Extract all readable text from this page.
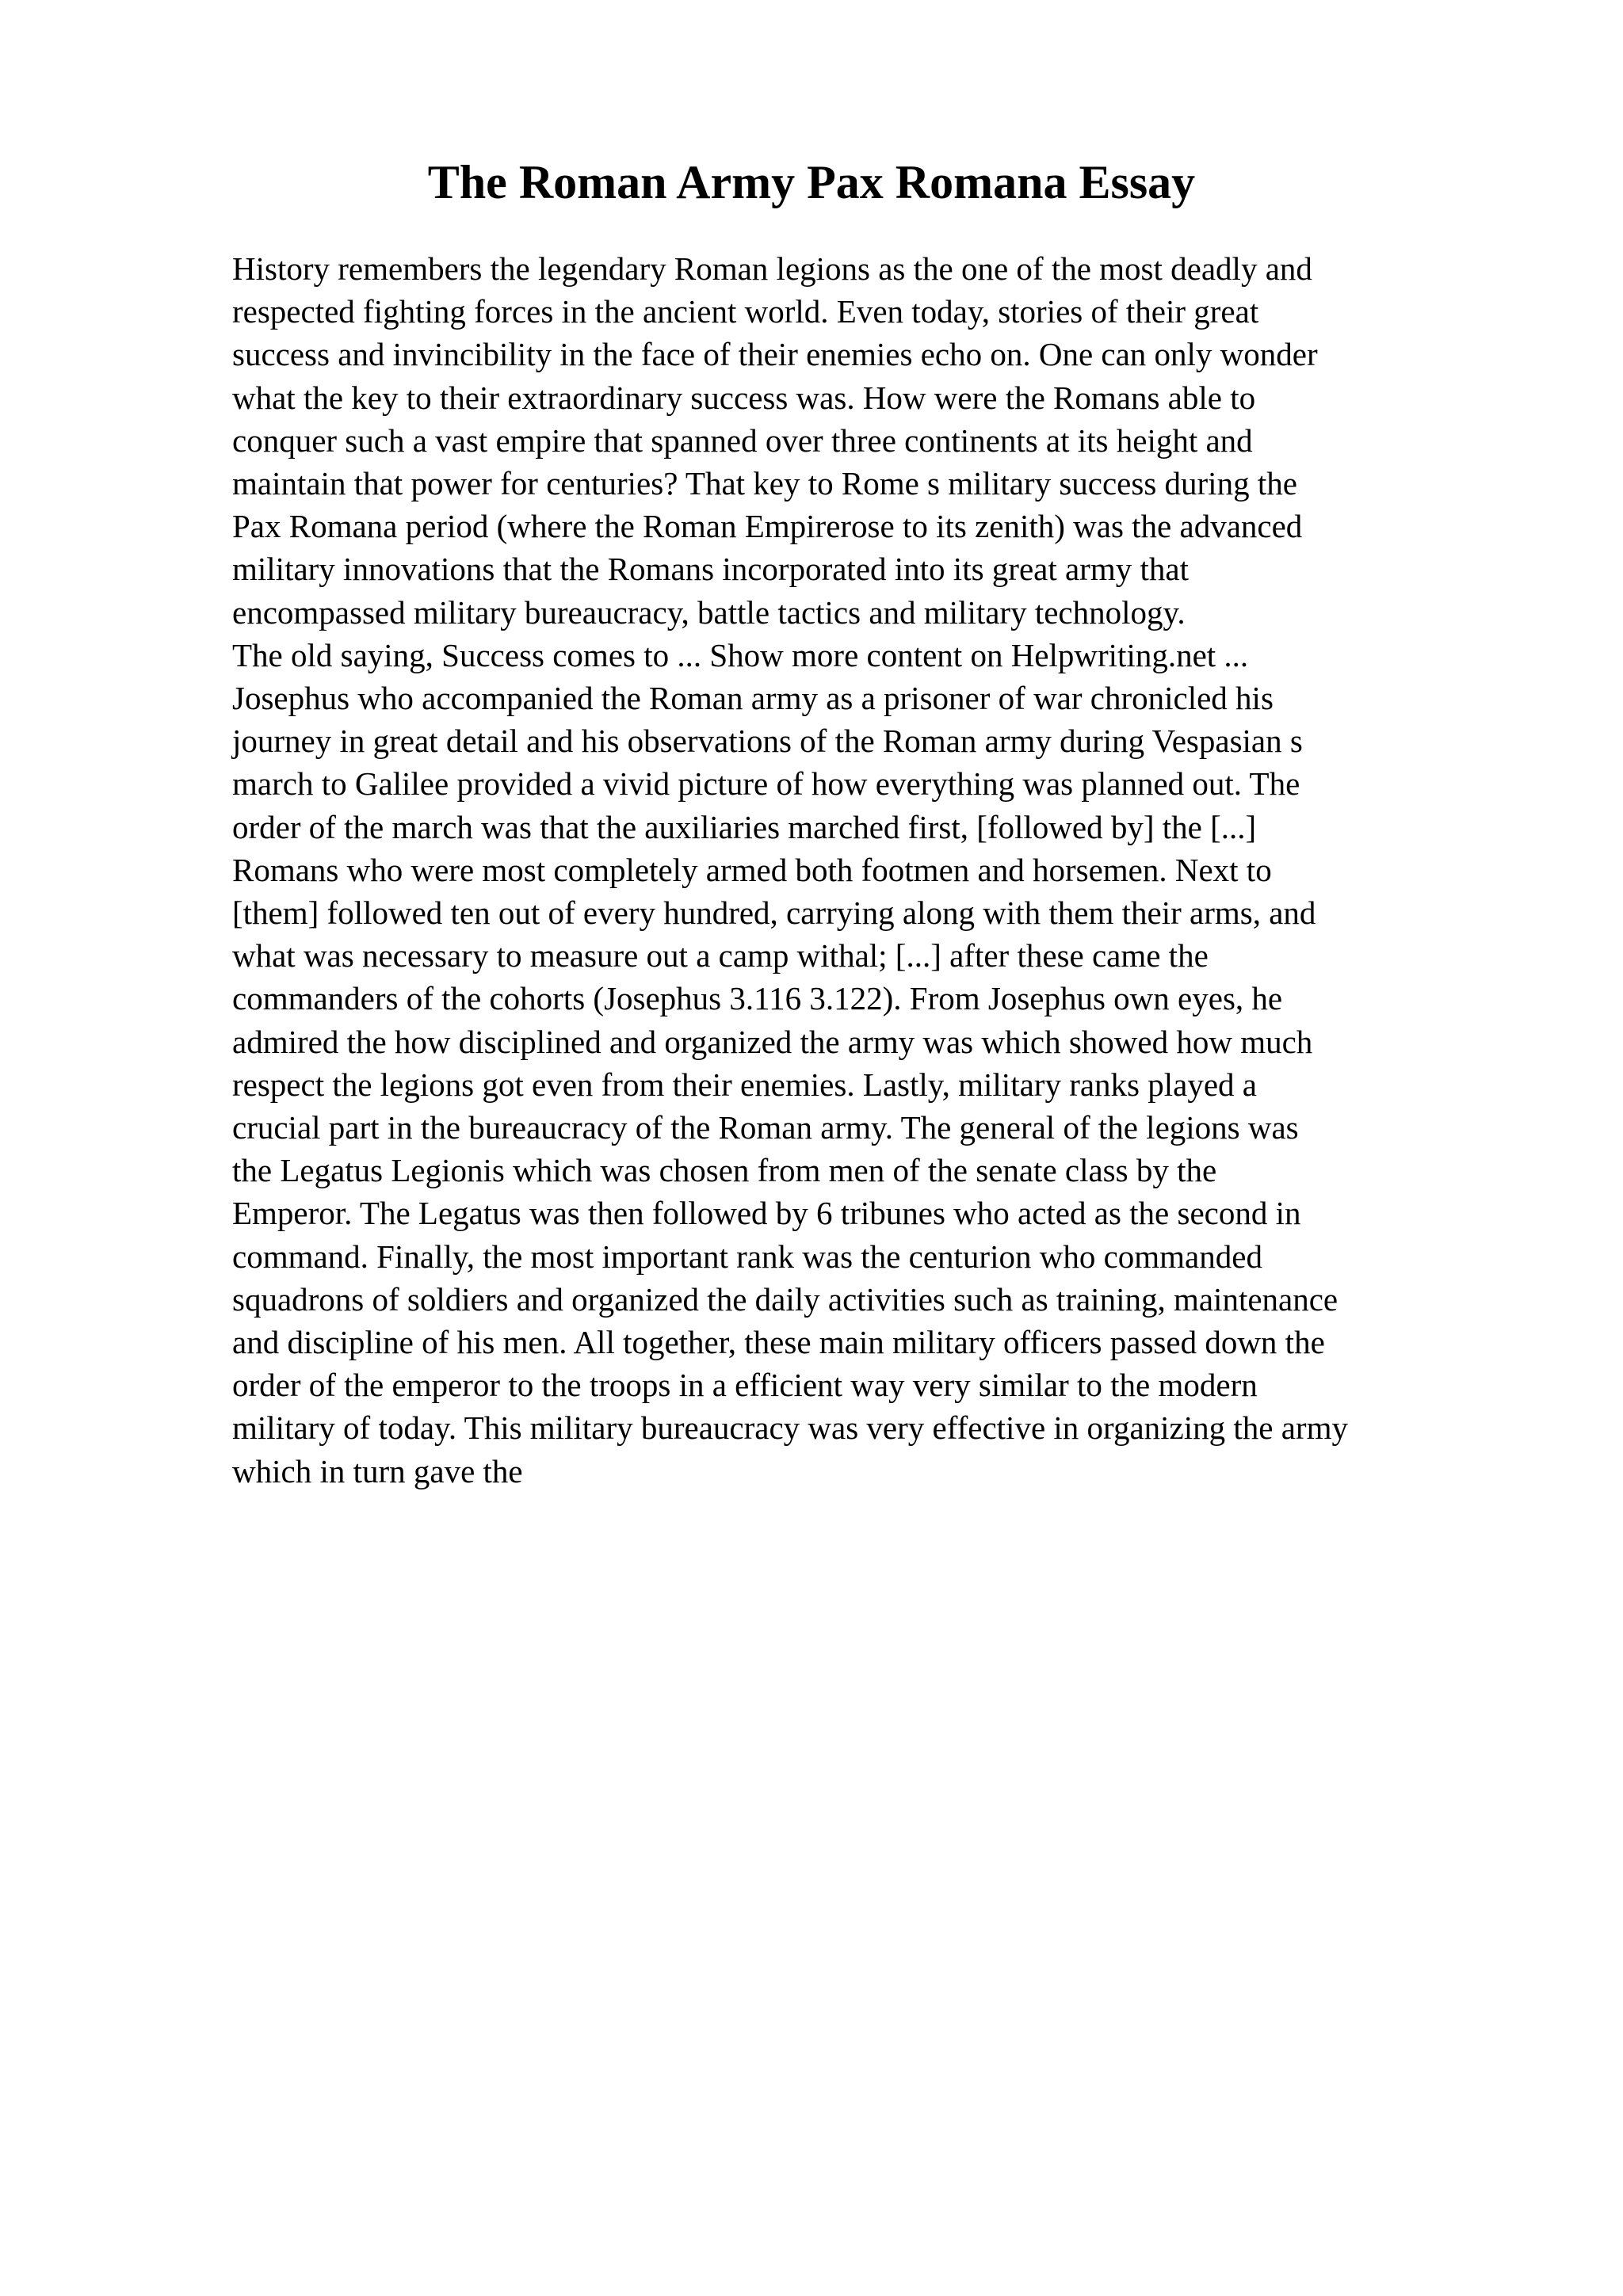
The Roman Army Pax Romana Essay

History remembers the legendary Roman legions as the one of the most deadly and

respected fighting forces in the ancient world. Even today, stories of their great

success and invincibility in the face of their enemies echo on. One can only wonder

what the key to their extraordinary success was. How were the Romans able to

conquer such a vast empire that spanned over three continents at its height and

maintain that power for centuries? That key to Rome s military success during the

Pax Romana period (where the Roman Empirerose to its zenith) was the advanced

military innovations that the Romans incorporated into its great army that

encompassed military bureaucracy, battle tactics and military technology.

The old saying, Success comes to ... Show more content on Helpwriting.net ...

Josephus who accompanied the Roman army as a prisoner of war chronicled his

journey in great detail and his observations of the Roman army during Vespasian s

march to Galilee provided a vivid picture of how everything was planned out. The

order of the march was that the auxiliaries marched first, [followed by] the [...]

Romans who were most completely armed both footmen and horsemen. Next to

[them] followed ten out of every hundred, carrying along with them their arms, and

what was necessary to measure out a camp withal; [...] after these came the

commanders of the cohorts (Josephus 3.116 3.122). From Josephus own eyes, he

admired the how disciplined and organized the army was which showed how much

respect the legions got even from their enemies. Lastly, military ranks played a

crucial part in the bureaucracy of the Roman army. The general of the legions was

the Legatus Legionis which was chosen from men of the senate class by the

Emperor. The Legatus was then followed by 6 tribunes who acted as the second in

command. Finally, the most important rank was the centurion who commanded

squadrons of soldiers and organized the daily activities such as training, maintenance

and discipline of his men. All together, these main military officers passed down the

order of the emperor to the troops in a efficient way very similar to the modern

military of today. This military bureaucracy was very effective in organizing the army

which in turn gave the
